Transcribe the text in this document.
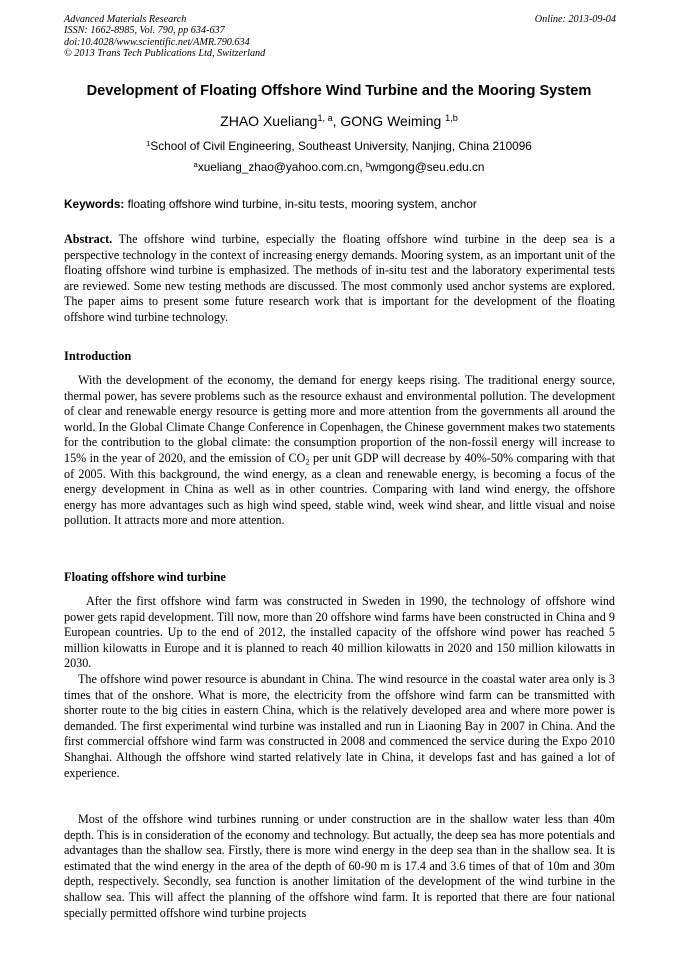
Advanced Materials Research
ISSN: 1662-8985, Vol. 790, pp 634-637
doi:10.4028/www.scientific.net/AMR.790.634
© 2013 Trans Tech Publications Ltd, Switzerland
Online: 2013-09-04
Development of Floating Offshore Wind Turbine and the Mooring System
ZHAO Xueliang$^{1, a}$, GONG Weiming $^{1,b}$
$^1$School of Civil Engineering, Southeast University, Nanjing, China 210096
$^a$xueliang_zhao@yahoo.com.cn, $^b$wmgong@seu.edu.cn
Keywords: floating offshore wind turbine, in-situ tests, mooring system, anchor
Abstract. The offshore wind turbine, especially the floating offshore wind turbine in the deep sea is a perspective technology in the context of increasing energy demands. Mooring system, as an important unit of the floating offshore wind turbine is emphasized. The methods of in-situ test and the laboratory experimental tests are reviewed. Some new testing methods are discussed. The most commonly used anchor systems are explored. The paper aims to present some future research work that is important for the development of the floating offshore wind turbine technology.
Introduction
With the development of the economy, the demand for energy keeps rising. The traditional energy source, thermal power, has severe problems such as the resource exhaust and environmental pollution. The development of clear and renewable energy resource is getting more and more attention from the governments all around the world. In the Global Climate Change Conference in Copenhagen, the Chinese government makes two statements for the contribution to the global climate: the consumption proportion of the non-fossil energy will increase to 15% in the year of 2020, and the emission of $CO_2$ per unit GDP will decrease by 40%-50% comparing with that of 2005. With this background, the wind energy, as a clean and renewable energy, is becoming a focus of the energy development in China as well as in other countries. Comparing with land wind energy, the offshore energy has more advantages such as high wind speed, stable wind, week wind shear, and little visual and noise pollution. It attracts more and more attention.
Floating offshore wind turbine
After the first offshore wind farm was constructed in Sweden in 1990, the technology of offshore wind power gets rapid development. Till now, more than 20 offshore wind farms have been constructed in China and 9 European countries. Up to the end of 2012, the installed capacity of the offshore wind power has reached 5 million kilowatts in Europe and it is planned to reach 40 million kilowatts in 2020 and 150 million kilowatts in 2030.
The offshore wind power resource is abundant in China. The wind resource in the coastal water area only is 3 times that of the onshore. What is more, the electricity from the offshore wind farm can be transmitted with shorter route to the big cities in eastern China, which is the relatively developed area and where more power is demanded. The first experimental wind turbine was installed and run in Liaoning Bay in 2007 in China. And the first commercial offshore wind farm was constructed in 2008 and commenced the service during the Expo 2010 Shanghai. Although the offshore wind started relatively late in China, it develops fast and has gained a lot of experience.
Most of the offshore wind turbines running or under construction are in the shallow water less than 40m depth. This is in consideration of the economy and technology. But actually, the deep sea has more potentials and advantages than the shallow sea. Firstly, there is more wind energy in the deep sea than in the shallow sea. It is estimated that the wind energy in the area of the depth of 60-90 m is 17.4 and 3.6 times of that of 10m and 30m depth, respectively. Secondly, sea function is another limitation of the development of the wind turbine in the shallow sea. This will affect the planning of the offshore wind farm. It is reported that there are four national specially permitted offshore wind turbine projects
